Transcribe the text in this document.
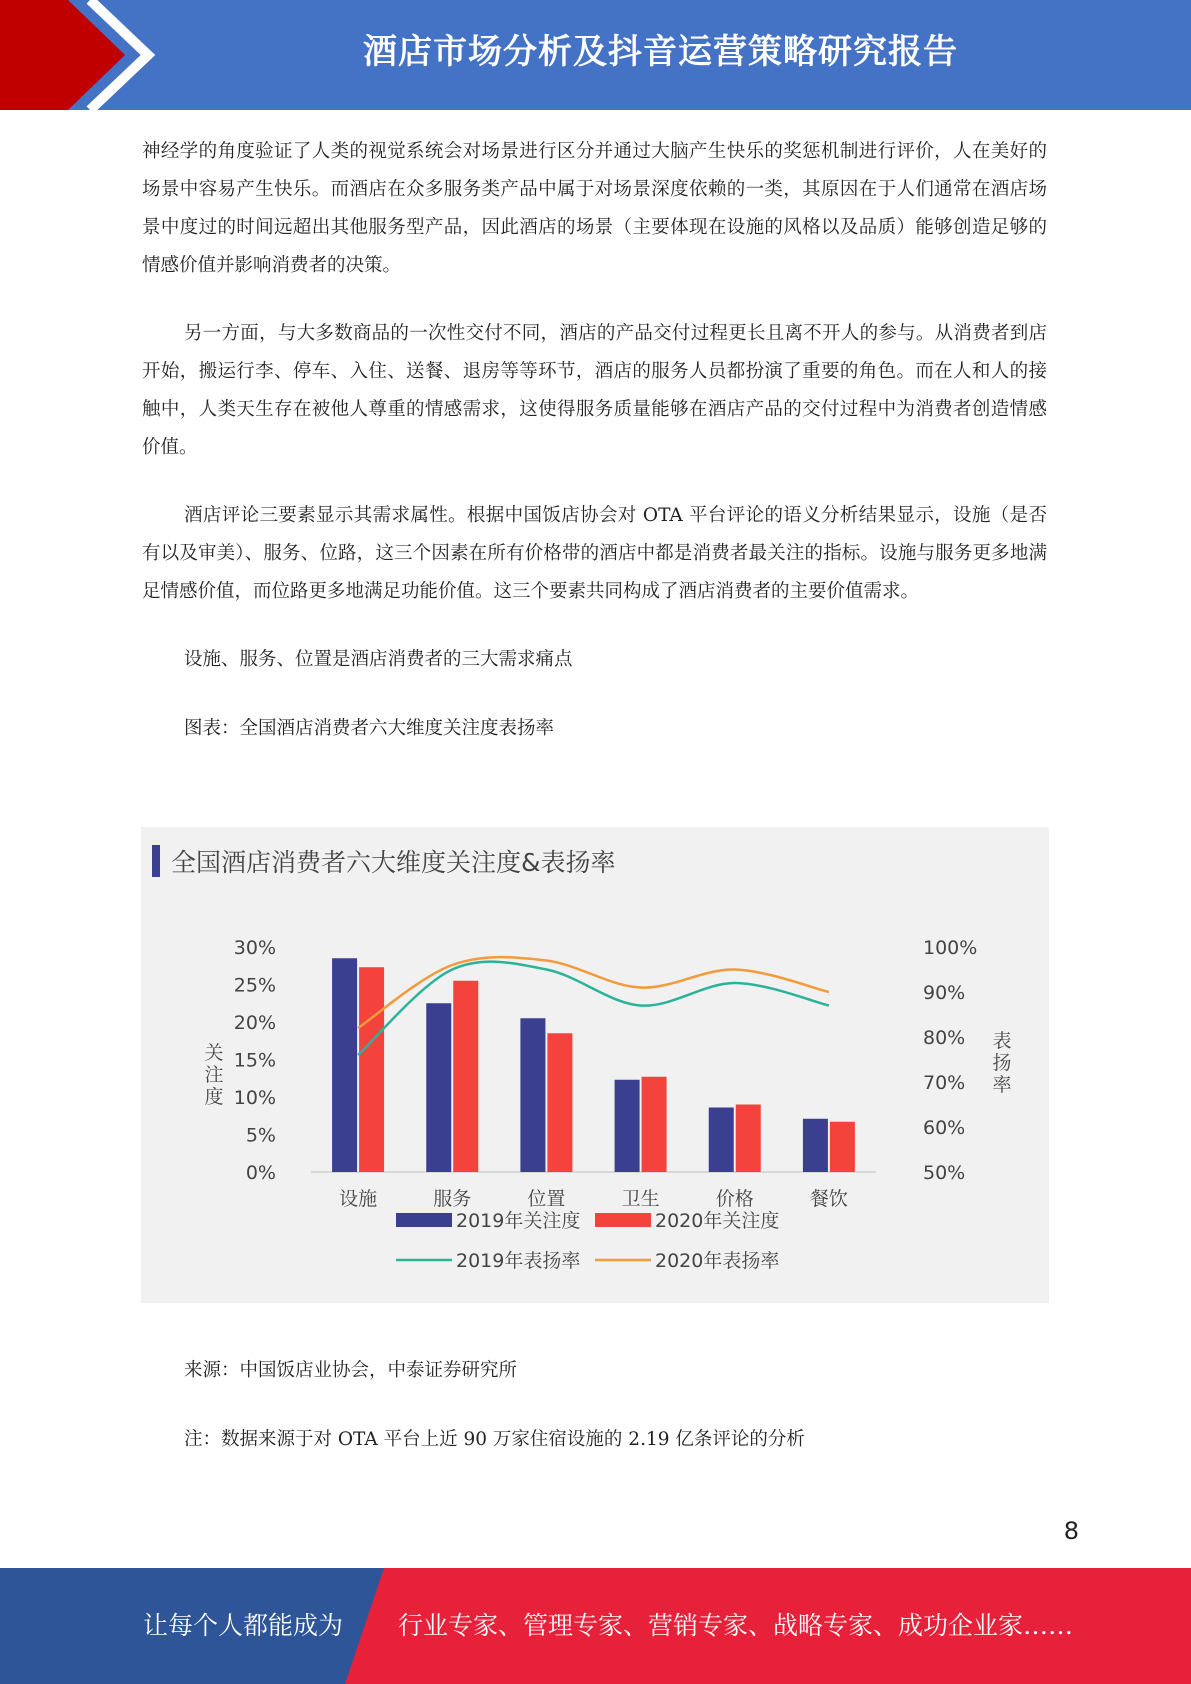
酒店市场分析及抖音运营策略研究报告

神经学的角度验证了人类的视觉系统会对场景进行区分并通过大脑产生快乐的奖惩机制进行评价，人在美好的场景中容易产生快乐。而酒店在众多服务类产品中属于对场景深度依赖的一类，其原因在于人们通常在酒店场景中度过的时间远超出其他服务型产品，因此酒店的场景（主要体现在设施的风格以及品质）能够创造足够的情感价值并影响消费者的决策。

另一方面，与大多数商品的一次性交付不同，酒店的产品交付过程更长且离不开人的参与。从消费者到店开始，搬运行李、停车、入住、送餐、退房等等环节，酒店的服务人员都扮演了重要的角色。而在人和人的接触中，人类天生存在被他人尊重的情感需求，这使得服务质量能够在酒店产品的交付过程中为消费者创造情感价值。

酒店评论三要素显示其需求属性。根据中国饭店协会对 OTA 平台评论的语义分析结果显示，设施（是否有以及审美）、服务、位路，这三个因素在所有价格带的酒店中都是消费者最关注的指标。设施与服务更多地满足情感价值，而位路更多地满足功能价值。这三个要素共同构成了酒店消费者的主要价值需求。

设施、服务、位置是酒店消费者的三大需求痛点
图表：全国酒店消费者六大维度关注度表扬率
全国酒店消费者六大维度关注度&表扬率
0%
5%
10%
15%
20%
25%
30%
50%
60%
70%
80%
90%
100%
关
注
度
表
扬
率
设施	服务	位置	卫生	价格	餐饮
2019年关注度	2020年关注度
2019年表扬率	2020年表扬率
来源：中国饭店业协会，中泰证券研究所
注：数据来源于对 OTA 平台上近 90 万家住宿设施的 2.19 亿条评论的分析
8
让每个人都能成为 行业专家、管理专家、营销专家、战略专家、成功企业家……
